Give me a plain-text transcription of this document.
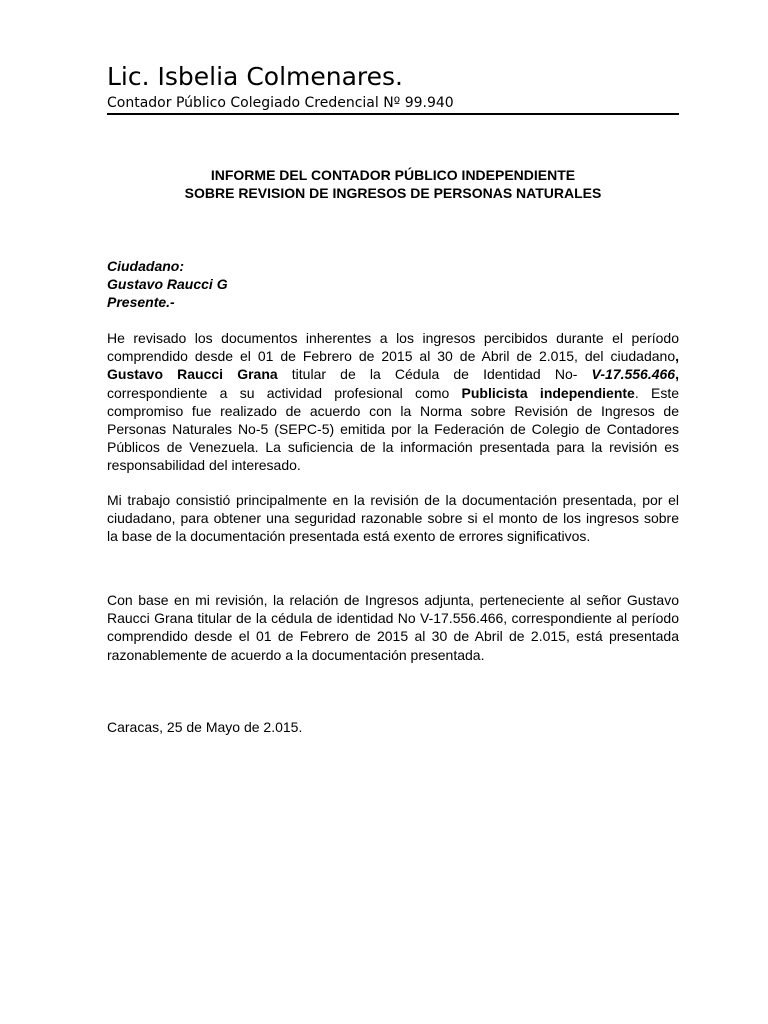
Lic. Isbelia Colmenares.
Contador Público Colegiado Credencial Nº 99.940
INFORME DEL CONTADOR PÚBLICO INDEPENDIENTE
SOBRE REVISION DE INGRESOS DE PERSONAS NATURALES
Ciudadano:
Gustavo Raucci G
Presente.-
He revisado los documentos inherentes a los ingresos percibidos durante el período comprendido desde el 01 de Febrero de 2015 al 30 de Abril de 2.015, del ciudadano, Gustavo Raucci Grana titular de la Cédula de Identidad No- V-17.556.466, correspondiente a su actividad profesional como Publicista independiente. Este compromiso fue realizado de acuerdo con la Norma sobre Revisión de Ingresos de Personas Naturales No-5 (SEPC-5) emitida por la Federación de Colegio de Contadores Públicos de Venezuela. La suficiencia de la información presentada para la revisión es responsabilidad del interesado.
Mi trabajo consistió principalmente en la revisión de la documentación presentada, por el ciudadano, para obtener una seguridad razonable sobre si el monto de los ingresos sobre la base de la documentación presentada está exento de errores significativos.
Con base en mi revisión, la relación de Ingresos adjunta, perteneciente al señor Gustavo Raucci Grana titular de la cédula de identidad No V-17.556.466, correspondiente al período comprendido desde el 01 de Febrero de 2015 al 30 de Abril de 2.015, está presentada razonablemente de acuerdo a la documentación presentada.
Caracas, 25 de Mayo de 2.015.
